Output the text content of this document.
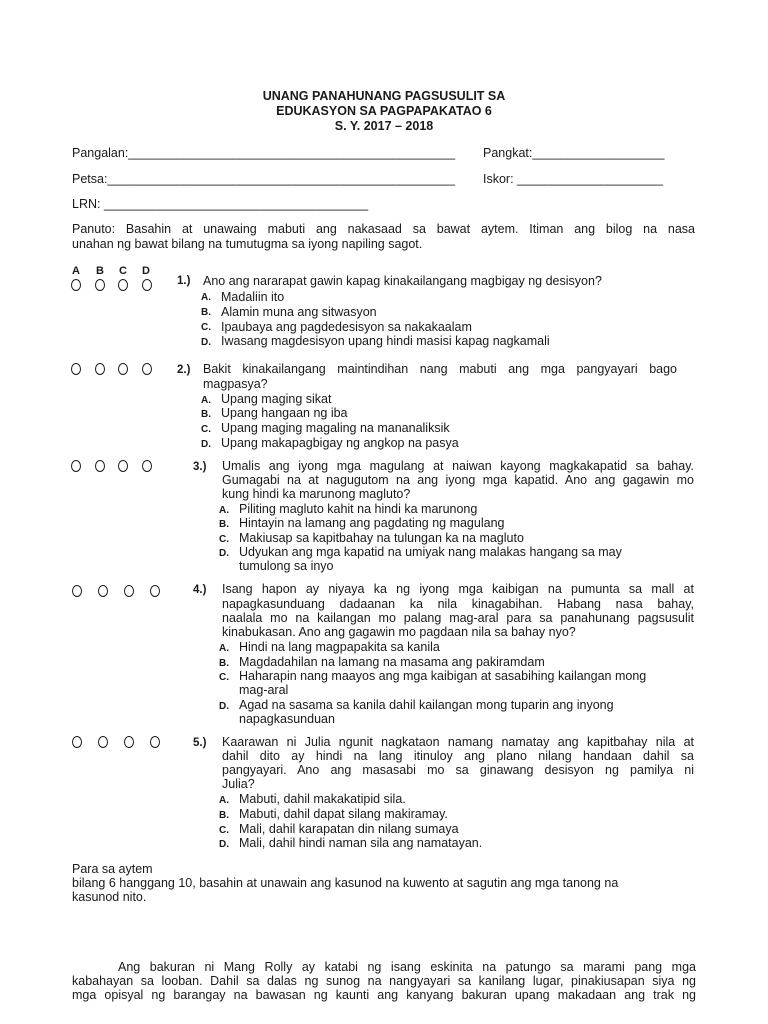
UNANG PANAHUNANG PAGSUSULIT SA
EDUKASYON SA PAGPAPAKATAO 6
S. Y. 2017 – 2018
Pangalan:_______________________________________________ Pangkat:___________________
Petsa:__________________________________________________ Iskor: _____________________
LRN: ______________________________________
Panuto: Basahin at unawaing mabuti ang nakasaad sa bawat aytem. Itiman ang bilog na nasa
unahan ng bawat bilang na tumutugma sa iyong napiling sagot.
A B C D
1.) Ano ang nararapat gawin kapag kinakailangang magbigay ng desisyon?
A. Madaliin ito
B. Alamin muna ang sitwasyon
C. Ipaubaya ang pagdedesisyon sa nakakaalam
D. Iwasang magdesisyon upang hindi masisi kapag nagkamali
2.) Bakit kinakailangang maintindihan nang mabuti ang mga pangyayari bago
magpasya?
A. Upang maging sikat
B. Upang hangaan ng iba
C. Upang maging magaling na mananaliksik
D. Upang makapagbigay ng angkop na pasya
3.) Umalis ang iyong mga magulang at naiwan kayong magkakapatid sa bahay.
Gumagabi na at nagugutom na ang iyong mga kapatid. Ano ang gagawin mo
kung hindi ka marunong magluto?
A. Piliting magluto kahit na hindi ka marunong
B. Hintayin na lamang ang pagdating ng magulang
C. Makiusap sa kapitbahay na tulungan ka na magluto
D. Udyukan ang mga kapatid na umiyak nang malakas hangang sa may
tumulong sa inyo
4.) Isang hapon ay niyaya ka ng iyong mga kaibigan na pumunta sa mall at
napagkasunduang dadaanan ka nila kinagabihan. Habang nasa bahay,
naalala mo na kailangan mo palang mag-aral para sa panahunang pagsusulit
kinabukasan. Ano ang gagawin mo pagdaan nila sa bahay nyo?
A. Hindi na lang magpapakita sa kanila
B. Magdadahilan na lamang na masama ang pakiramdam
C. Haharapin nang maayos ang mga kaibigan at sasabihing kailangan mong
mag-aral
D. Agad na sasama sa kanila dahil kailangan mong tuparin ang inyong
napagkasunduan
5.) Kaarawan ni Julia ngunit nagkataon namang namatay ang kapitbahay nila at
dahil dito ay hindi na lang itinuloy ang plano nilang handaan dahil sa
pangyayari. Ano ang masasabi mo sa ginawang desisyon ng pamilya ni
Julia?
A. Mabuti, dahil makakatipid sila.
B. Mabuti, dahil dapat silang makiramay.
C. Mali, dahil karapatan din nilang sumaya
D. Mali, dahil hindi naman sila ang namatayan.
Para sa aytem
bilang 6 hanggang 10, basahin at unawain ang kasunod na kuwento at sagutin ang mga tanong na
kasunod nito.
Ang bakuran ni Mang Rolly ay katabi ng isang eskinita na patungo sa marami pang mga
kabahayan sa looban. Dahil sa dalas ng sunog na nangyayari sa kanilang lugar, pinakiusapan siya ng
mga opisyal ng barangay na bawasan ng kaunti ang kanyang bakuran upang makadaan ang trak ng
